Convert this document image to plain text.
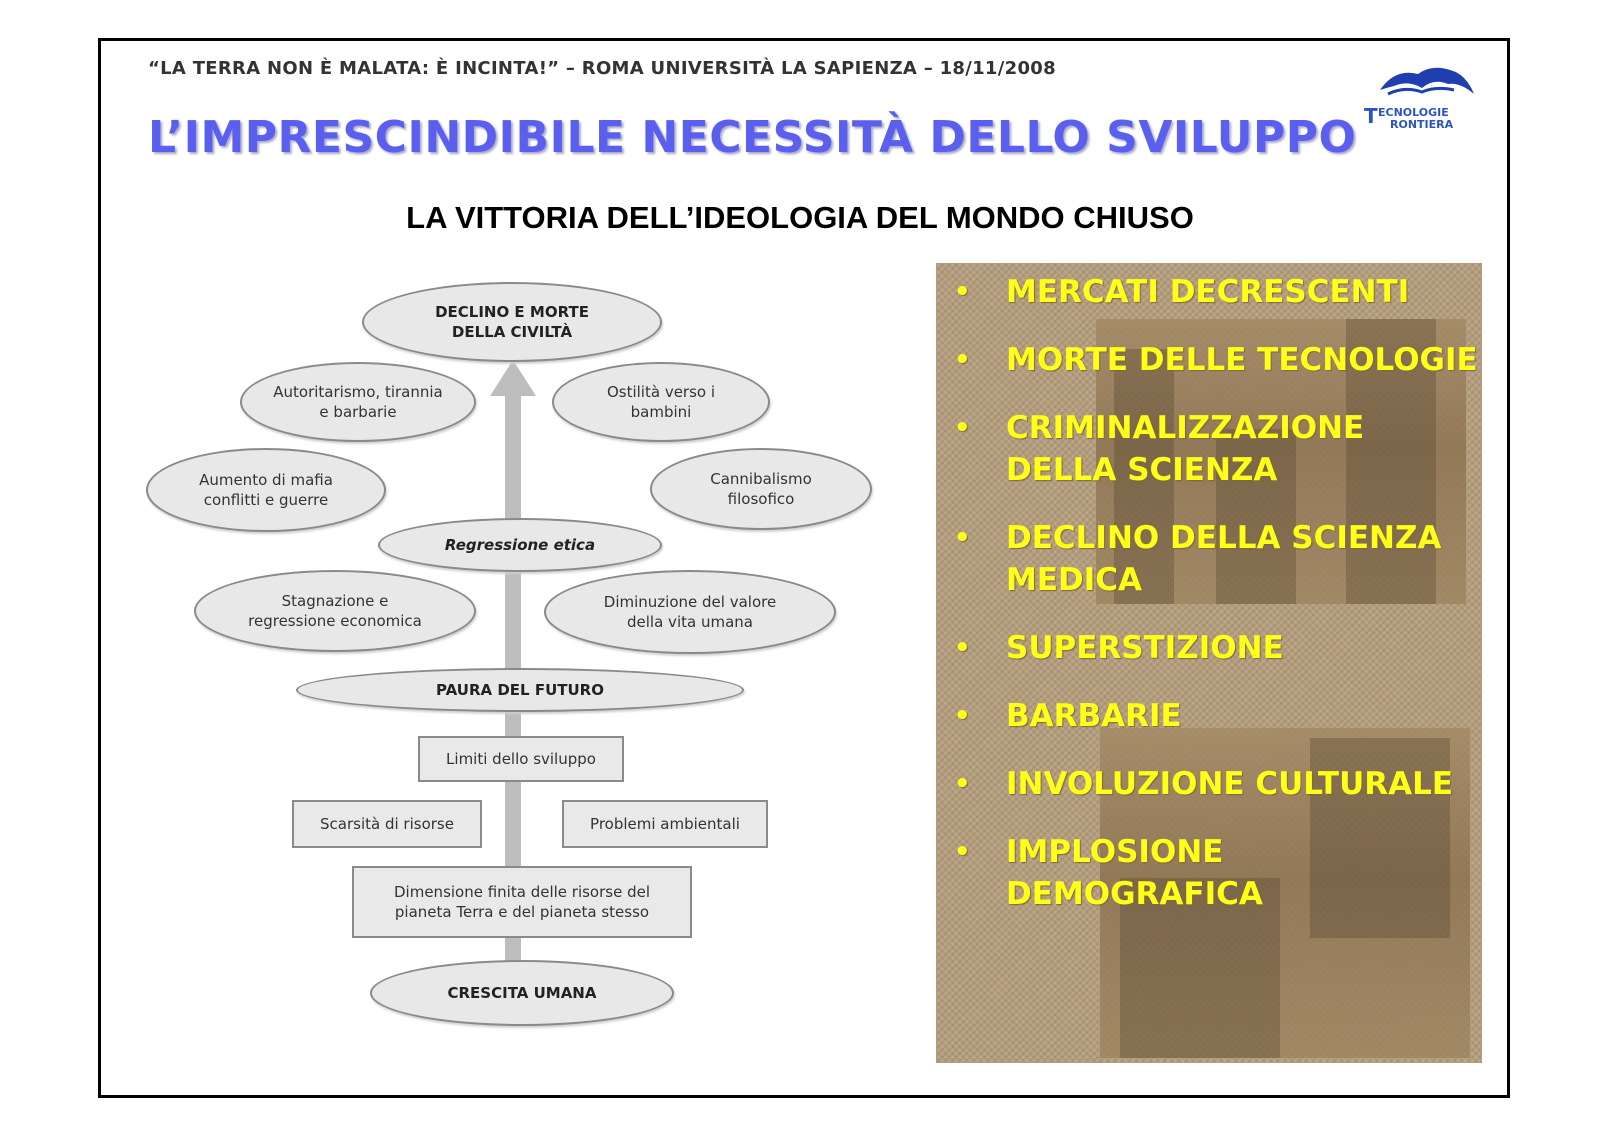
“LA TERRA NON È MALATA: È INCINTA!” – ROMA UNIVERSITÀ LA SAPIENZA – 18/11/2008
L’IMPRESCINDIBILE NECESSITÀ DELLO SVILUPPO T ECNOLOGIE
RONTIERA
LA VITTORIA DELL’IDEOLOGIA DEL MONDO CHIUSO
DECLINO E MORTE DELLA CIVILTÀ
Autoritarismo, tirannia e barbarie
Ostilità verso i bambini
Aumento di mafia conflitti e guerre
Cannibalismo filosofico
Regressione etica
Stagnazione e regressione economica
Diminuzione del valore della vita umana
PAURA DEL FUTURO
Limiti dello sviluppo
Scarsità di risorse	Problemi ambientali
Dimensione finita delle risorse del pianeta Terra e del pianeta stesso
CRESCITA UMANA
• MERCATI DECRESCENTI
• MORTE DELLE TECNOLOGIE
• CRIMINALIZZAZIONE DELLA SCIENZA
• DECLINO DELLA SCIENZA MEDICA
• SUPERSTIZIONE
• BARBARIE
• INVOLUZIONE CULTURALE
• IMPLOSIONE DEMOGRAFICA
